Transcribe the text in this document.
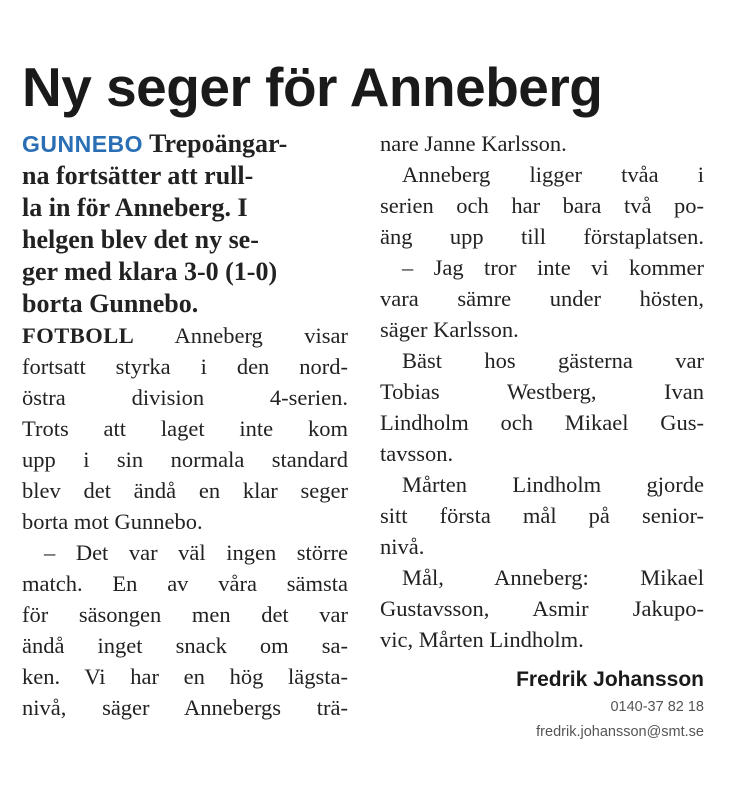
Ny seger för Anneberg
GUNNEBO Trepoängar-
na fortsätter att rull-
la in för Anneberg. I
helgen blev det ny se-
ger med klara 3-0 (1-0)
borta Gunnebo.
FOTBOLL Anneberg visar
fortsatt styrka i den nord-
östra division 4-serien.
Trots att laget inte kom
upp i sin normala standard
blev det ändå en klar seger
borta mot Gunnebo.
– Det var väl ingen större
match. En av våra sämsta
för säsongen men det var
ändå inget snack om sa-
ken. Vi har en hög lägsta-
nivå, säger Annebergs trä-
nare Janne Karlsson.
Anneberg ligger tvåa i
serien och har bara två po-
äng upp till förstaplatsen.
– Jag tror inte vi kommer
vara sämre under hösten,
säger Karlsson.
Bäst hos gästerna var
Tobias Westberg, Ivan
Lindholm och Mikael Gus-
tavsson.
Mårten Lindholm gjorde
sitt första mål på senior-
nivå.
Mål, Anneberg: Mikael
Gustavsson, Asmir Jakupo-
vic, Mårten Lindholm.
Fredrik Johansson
0140-37 82 18
fredrik.johansson@smt.se
